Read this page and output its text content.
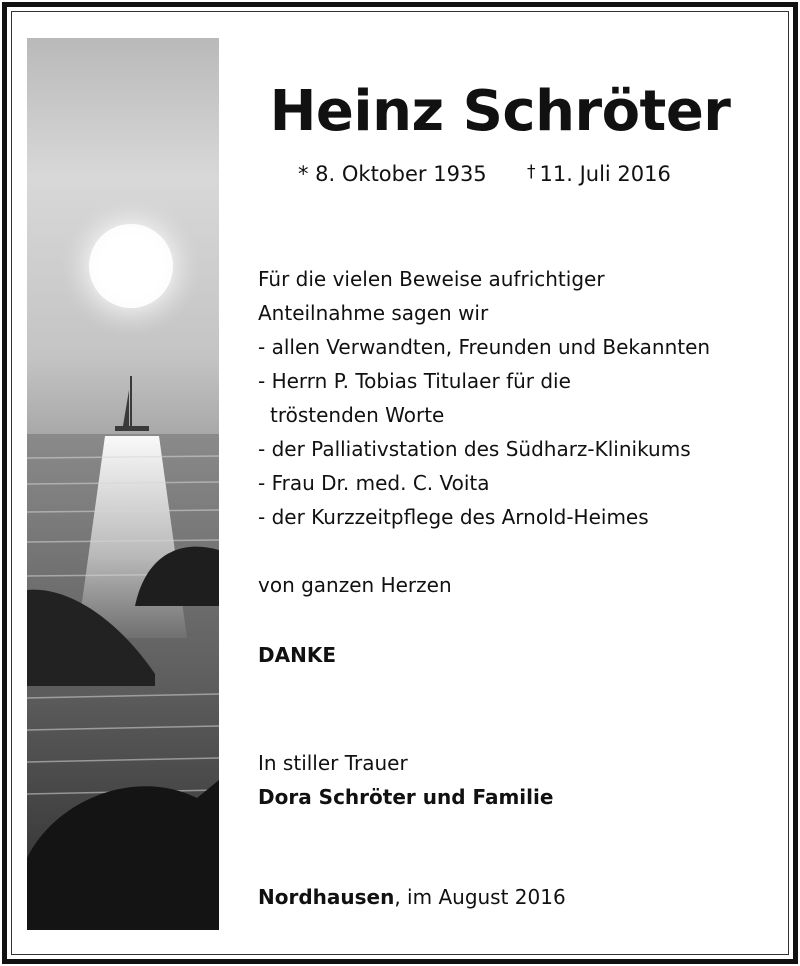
Heinz Schröter
* 8. Oktober 1935 † 11. Juli 2016
Für die vielen Beweise aufrichtiger
Anteilnahme sagen wir
- allen Verwandten, Freunden und Bekannten
- Herrn P. Tobias Titulaer für die
tröstenden Worte
- der Palliativstation des Südharz-Klinikums
- Frau Dr. med. C. Voita
- der Kurzzeitpflege des Arnold-Heimes
von ganzen Herzen
DANKE
In stiller Trauer
Dora Schröter und Familie
Nordhausen, im August 2016
